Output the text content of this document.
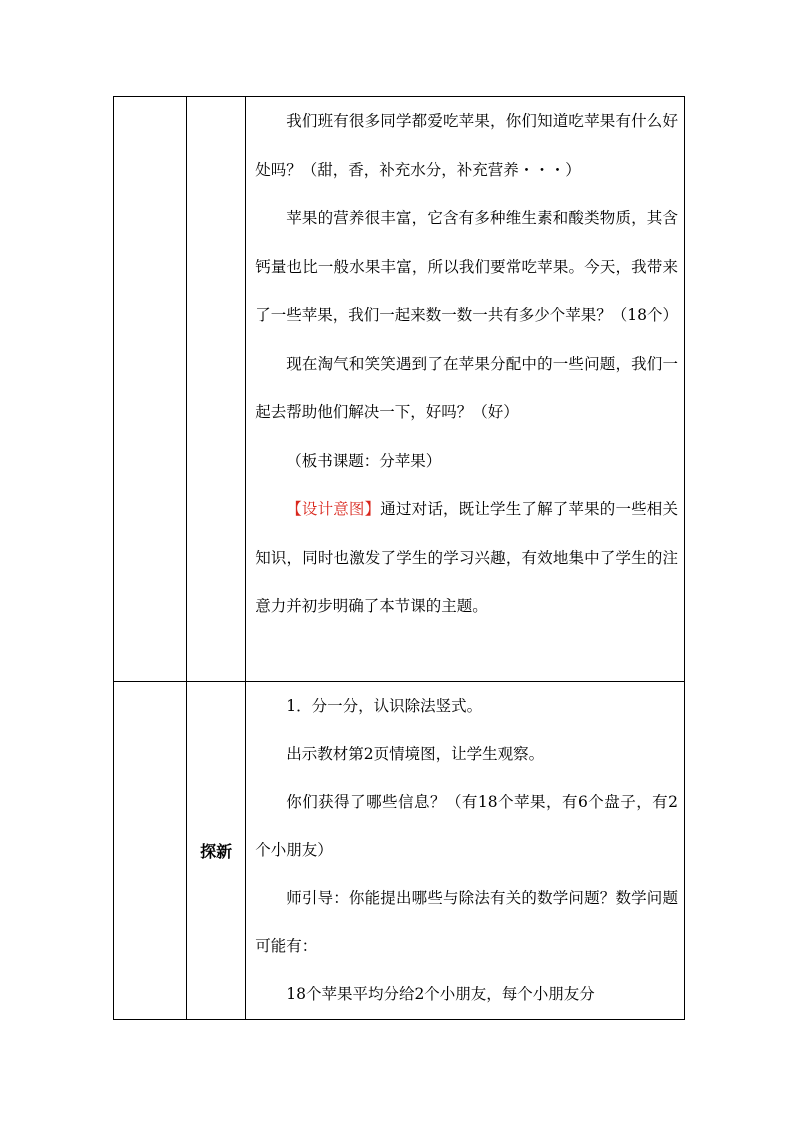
		我们班有很多同学都爱吃苹果，你们知道吃苹果有什么好处吗？（甜，香，补充水分，补充营养・・・）

苹果的营养很丰富，它含有多种维生素和酸类物质，其含钙量也比一般水果丰富，所以我们要常吃苹果。今天，我带来了一些苹果，我们一起来数一数一共有多少个苹果？（18个）

现在淘气和笑笑遇到了在苹果分配中的一些问题，我们一起去帮助他们解决一下，好吗？（好）

（板书课题：分苹果）

【设计意图】通过对话，既让学生了解了苹果的一些相关知识，同时也激发了学生的学习兴趣，有效地集中了学生的注意力并初步明确了本节课的主题。

	探新	1．分一分，认识除法竖式。

出示教材第2页情境图，让学生观察。

你们获得了哪些信息？（有18个苹果，有6个盘子，有2个小朋友）

师引导：你能提出哪些与除法有关的数学问题？数学问题可能有：

18个苹果平均分给2个小朋友，每个小朋友分
